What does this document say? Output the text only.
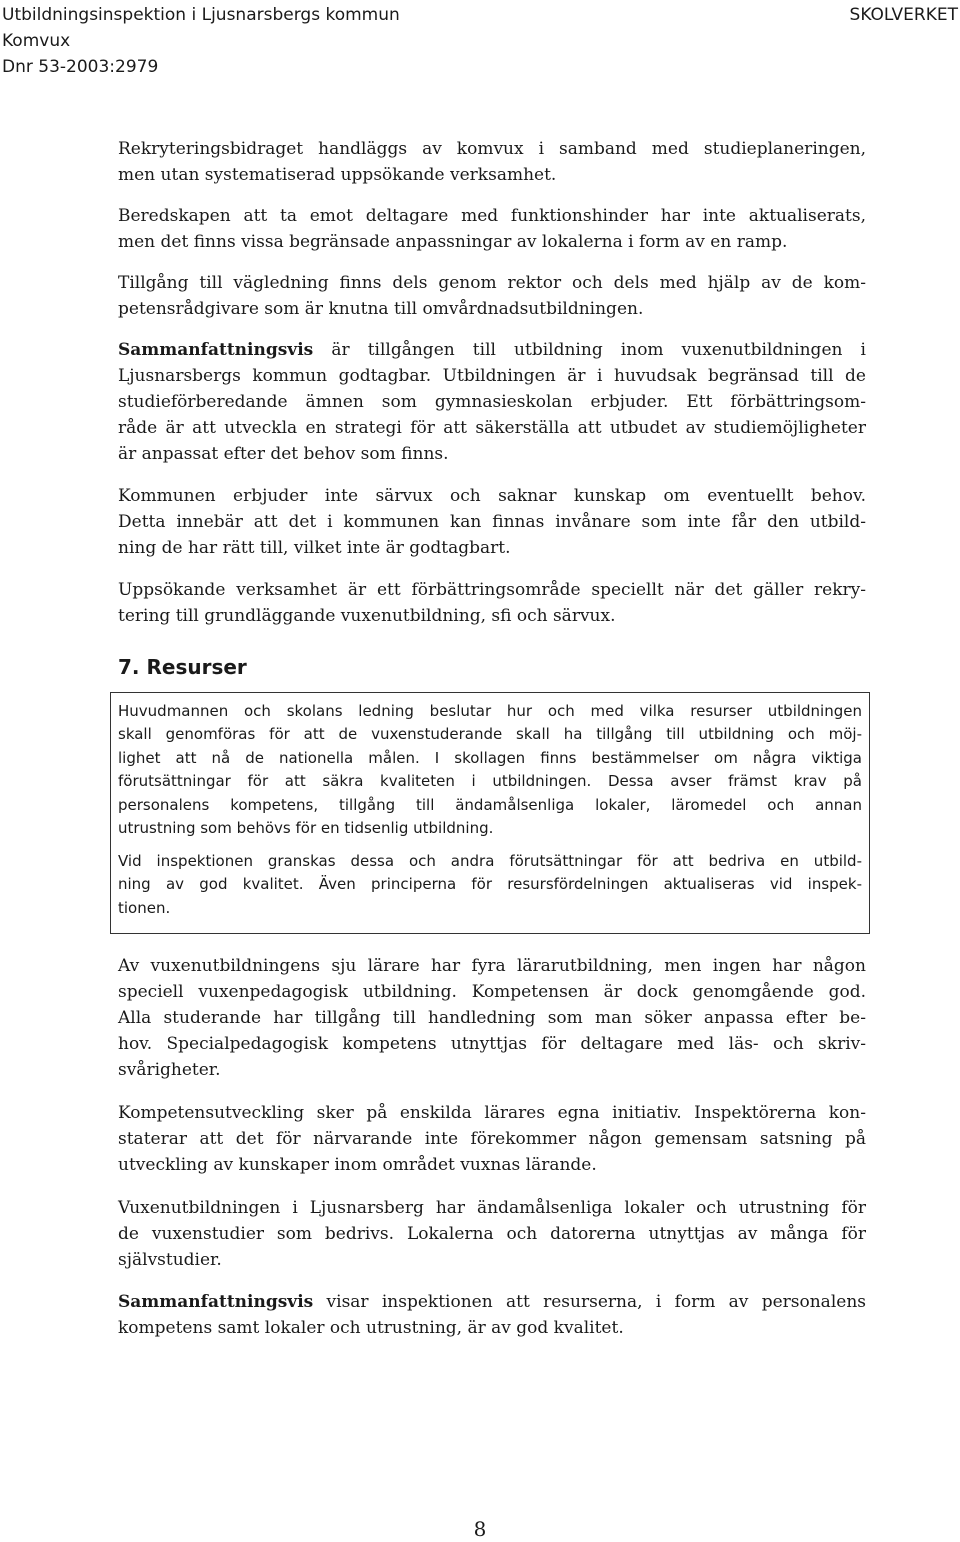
Utbildningsinspektion i Ljusnarsbergs kommun
Komvux
Dnr 53-2003:2979
SKOLVERKET
Rekryteringsbidraget handläggs av komvux i samband med studieplaneringen,
men utan systematiserad uppsökande verksamhet.
Beredskapen att ta emot deltagare med funktionshinder har inte aktualiserats,
men det finns vissa begränsade anpassningar av lokalerna i form av en ramp.
Tillgång till vägledning finns dels genom rektor och dels med hjälp av de kom-
petensrådgivare som är knutna till omvårdnadsutbildningen.
Sammanfattningsvis är tillgången till utbildning inom vuxenutbildningen i
Ljusnarsbergs kommun godtagbar. Utbildningen är i huvudsak begränsad till de
studieförberedande ämnen som gymnasieskolan erbjuder. Ett förbättringsom-
råde är att utveckla en strategi för att säkerställa att utbudet av studiemöjligheter
är anpassat efter det behov som finns.
Kommunen erbjuder inte särvux och saknar kunskap om eventuellt behov.
Detta innebär att det i kommunen kan finnas invånare som inte får den utbild-
ning de har rätt till, vilket inte är godtagbart.
Uppsökande verksamhet är ett förbättringsområde speciellt när det gäller rekry-
tering till grundläggande vuxenutbildning, sfi och särvux.
7. Resurser
Huvudmannen och skolans ledning beslutar hur och med vilka resurser utbildningen
skall genomföras för att de vuxenstuderande skall ha tillgång till utbildning och möj-
lighet att nå de nationella målen. I skollagen finns bestämmelser om några viktiga
förutsättningar för att säkra kvaliteten i utbildningen. Dessa avser främst krav på
personalens kompetens, tillgång till ändamålsenliga lokaler, läromedel och annan
utrustning som behövs för en tidsenlig utbildning.
Vid inspektionen granskas dessa och andra förutsättningar för att bedriva en utbild-
ning av god kvalitet. Även principerna för resursfördelningen aktualiseras vid inspek-
tionen.
Av vuxenutbildningens sju lärare har fyra lärarutbildning, men ingen har någon
speciell vuxenpedagogisk utbildning. Kompetensen är dock genomgående god.
Alla studerande har tillgång till handledning som man söker anpassa efter be-
hov. Specialpedagogisk kompetens utnyttjas för deltagare med läs- och skriv-
svårigheter.
Kompetensutveckling sker på enskilda lärares egna initiativ. Inspektörerna kon-
staterar att det för närvarande inte förekommer någon gemensam satsning på
utveckling av kunskaper inom området vuxnas lärande.
Vuxenutbildningen i Ljusnarsberg har ändamålsenliga lokaler och utrustning för
de vuxenstudier som bedrivs. Lokalerna och datorerna utnyttjas av många för
självstudier.
Sammanfattningsvis visar inspektionen att resurserna, i form av personalens
kompetens samt lokaler och utrustning, är av god kvalitet.
8
